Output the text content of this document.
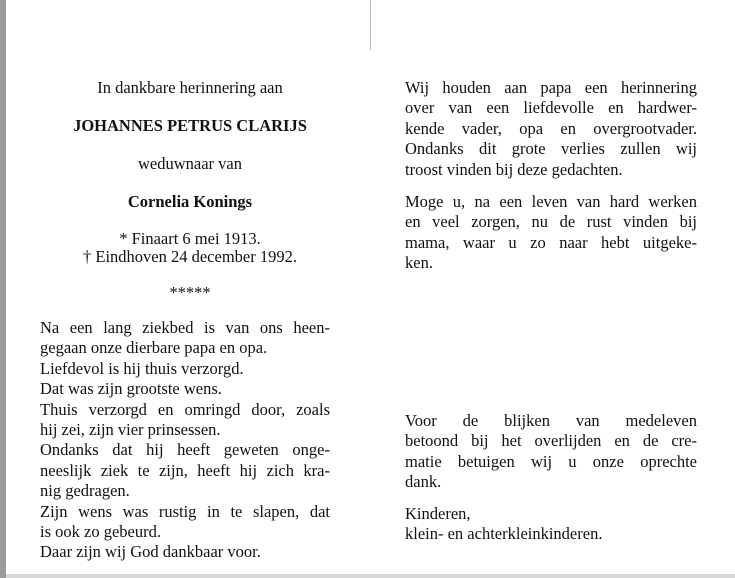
In dankbare herinnering aan
JOHANNES PETRUS CLARIJS
weduwnaar van
Cornelia Konings
* Finaart 6 mei 1913.
† Eindhoven 24 december 1992.
*****
Na een lang ziekbed is van ons heen-
gegaan onze dierbare papa en opa.
Liefdevol is hij thuis verzorgd.
Dat was zijn grootste wens.
Thuis verzorgd en omringd door, zoals
hij zei, zijn vier prinsessen.
Ondanks dat hij heeft geweten onge-
neeslijk ziek te zijn, heeft hij zich kra-
nig gedragen.
Zijn wens was rustig in te slapen, dat
is ook zo gebeurd.
Daar zijn wij God dankbaar voor.
Wij houden aan papa een herinnering
over van een liefdevolle en hardwer-
kende vader, opa en overgrootvader.
Ondanks dit grote verlies zullen wij
troost vinden bij deze gedachten.
Moge u, na een leven van hard werken
en veel zorgen, nu de rust vinden bij
mama, waar u zo naar hebt uitgeke-
ken.
Voor de blijken van medeleven
betoond bij het overlijden en de cre-
matie betuigen wij u onze oprechte
dank.
Kinderen,
klein- en achterkleinkinderen.
